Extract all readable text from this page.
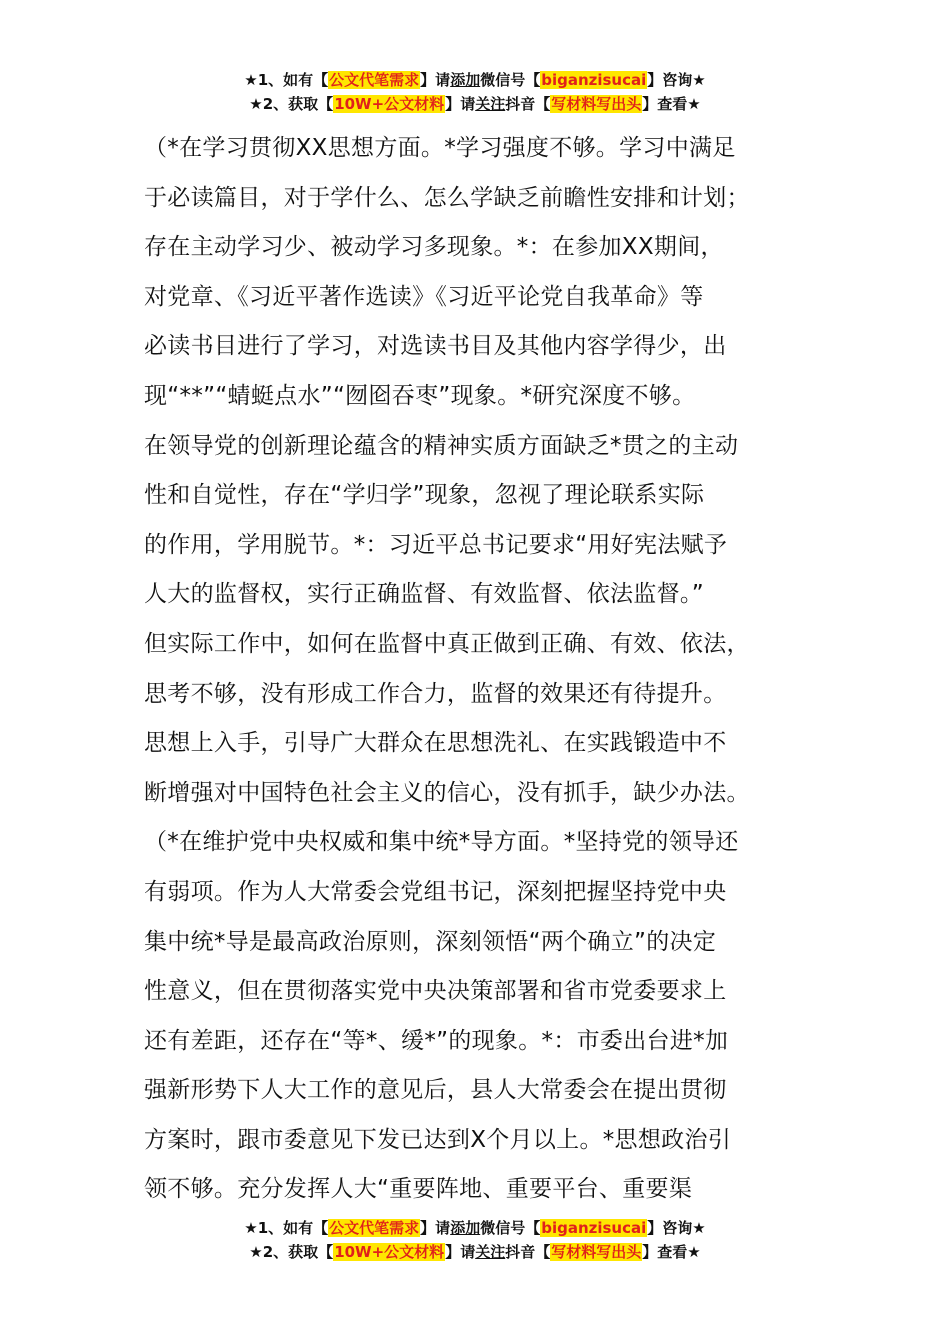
★1、如有【公文代笔需求】请添加微信号【biganzisucai】咨询★
★2、获取【10W+公文材料】请关注抖音【写材料写出头】查看★
（*在学习贯彻XX思想方面。*学习强度不够。学习中满足
于必读篇目，对于学什么、怎么学缺乏前瞻性安排和计划；
存在主动学习少、被动学习多现象。*：在参加XX期间，
对党章、《习近平著作选读》《习近平论党自我革命》等
必读书目进行了学习，对选读书目及其他内容学得少，出
现“**”“蜻蜓点水”“囫囵吞枣”现象。*研究深度不够。
在领导党的创新理论蕴含的精神实质方面缺乏*贯之的主动
性和自觉性，存在“学归学”现象，忽视了理论联系实际
的作用，学用脱节。*：习近平总书记要求“用好宪法赋予
人大的监督权，实行正确监督、有效监督、依法监督。”
但实际工作中，如何在监督中真正做到正确、有效、依法，
思考不够，没有形成工作合力，监督的效果还有待提升。
思想上入手，引导广大群众在思想洗礼、在实践锻造中不
断增强对中国特色社会主义的信心，没有抓手，缺少办法。
（*在维护党中央权威和集中统*导方面。*坚持党的领导还
有弱项。作为人大常委会党组书记，深刻把握坚持党中央
集中统*导是最高政治原则，深刻领悟“两个确立”的决定
性意义，但在贯彻落实党中央决策部署和省市党委要求上
还有差距，还存在“等*、缓*”的现象。*：市委出台进*加
强新形势下人大工作的意见后，县人大常委会在提出贯彻
方案时，跟市委意见下发已达到X个月以上。*思想政治引
领不够。充分发挥人大“重要阵地、重要平台、重要渠
★1、如有【公文代笔需求】请添加微信号【biganzisucai】咨询★
★2、获取【10W+公文材料】请关注抖音【写材料写出头】查看★
